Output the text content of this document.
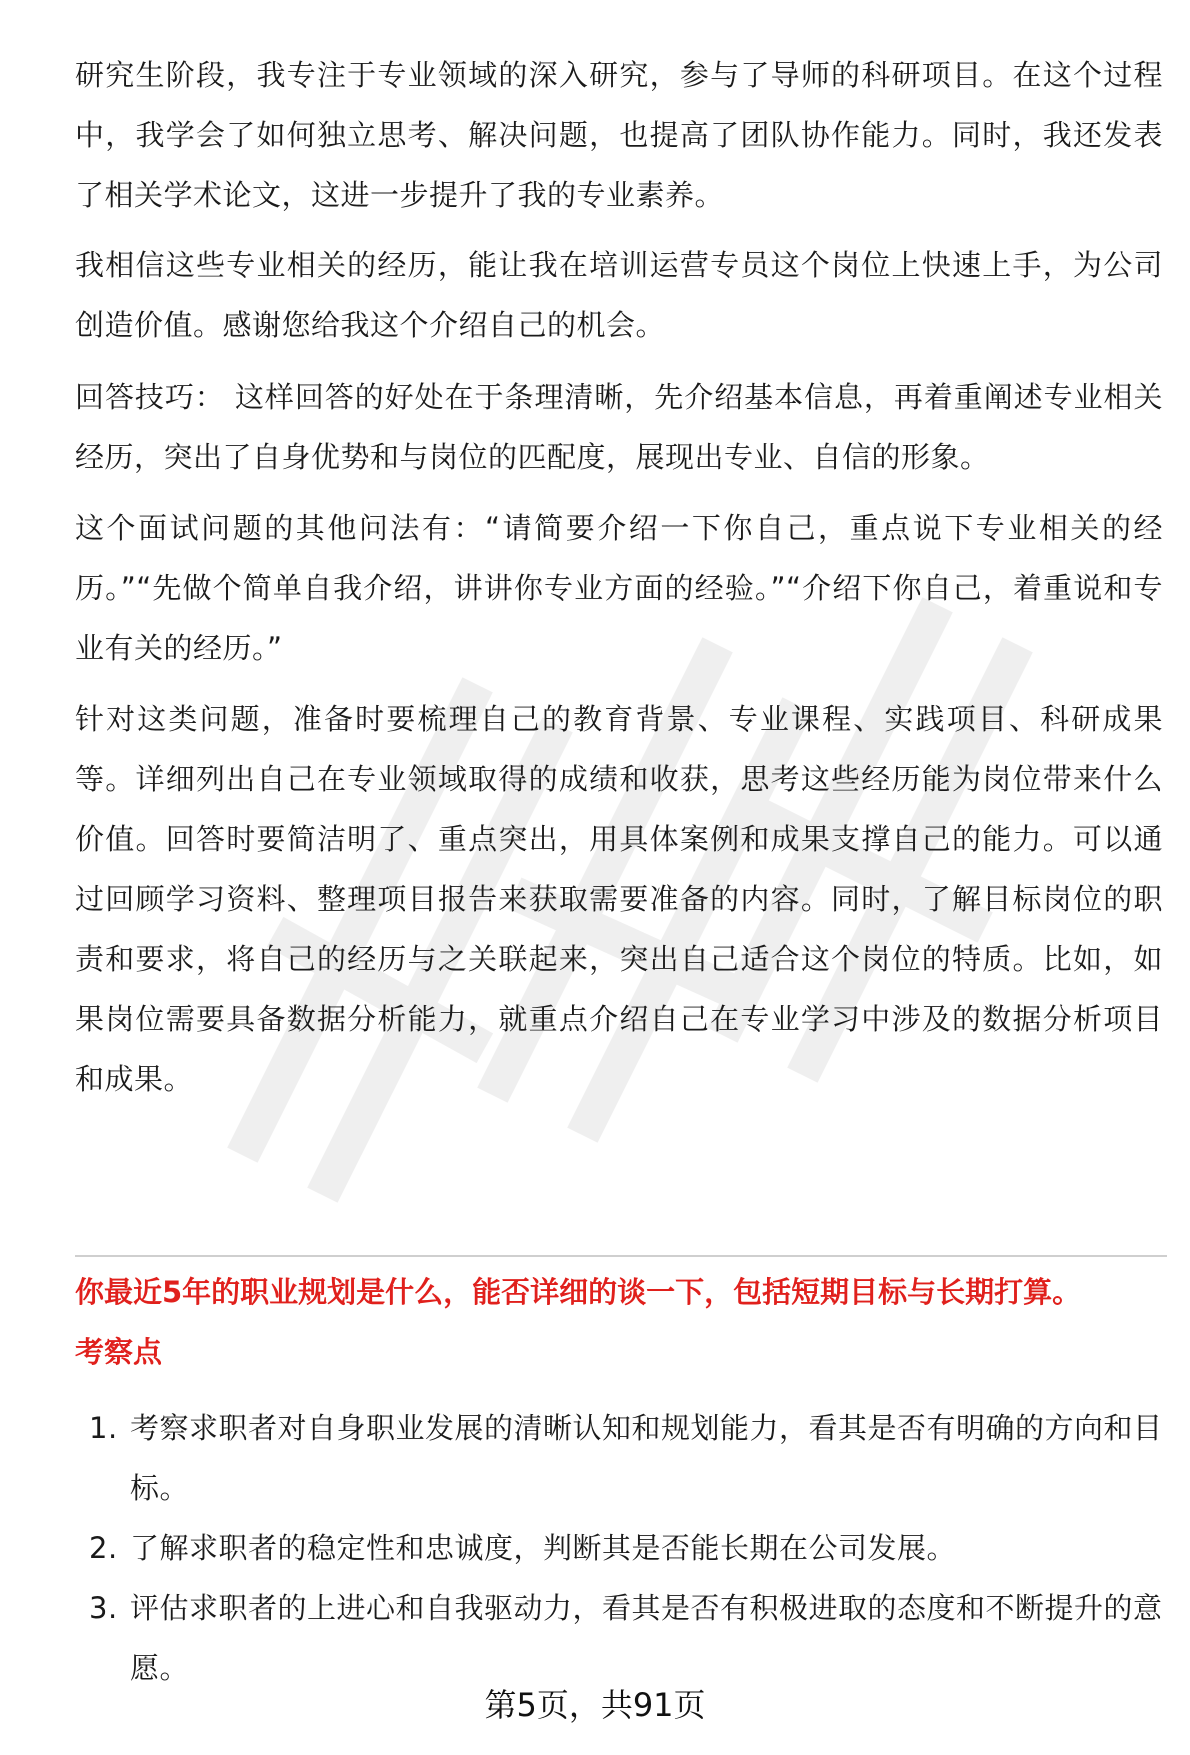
研究生阶段，我专注于专业领域的深入研究，参与了导师的科研项目。在这个过程中，我学会了如何独立思考、解决问题，也提高了团队协作能力。同时，我还发表了相关学术论文，这进一步提升了我的专业素养。

我相信这些专业相关的经历，能让我在培训运营专员这个岗位上快速上手，为公司创造价值。感谢您给我这个介绍自己的机会。

回答技巧： 这样回答的好处在于条理清晰，先介绍基本信息，再着重阐述专业相关经历，突出了自身优势和与岗位的匹配度，展现出专业、自信的形象。

这个面试问题的其他问法有：“请简要介绍一下你自己，重点说下专业相关的经历。”“先做个简单自我介绍，讲讲你专业方面的经验。”“介绍下你自己，着重说和专业有关的经历。”

针对这类问题，准备时要梳理自己的教育背景、专业课程、实践项目、科研成果等。详细列出自己在专业领域取得的成绩和收获，思考这些经历能为岗位带来什么价值。回答时要简洁明了、重点突出，用具体案例和成果支撑自己的能力。可以通过回顾学习资料、整理项目报告来获取需要准备的内容。同时，了解目标岗位的职责和要求，将自己的经历与之关联起来，突出自己适合这个岗位的特质。比如，如果岗位需要具备数据分析能力，就重点介绍自己在专业学习中涉及的数据分析项目和成果。

你最近5年的职业规划是什么，能否详细的谈一下，包括短期目标与长期打算。
考察点
1. 考察求职者对自身职业发展的清晰认知和规划能力，看其是否有明确的方向和目标。
2. 了解求职者的稳定性和忠诚度，判断其是否能长期在公司发展。
3. 评估求职者的上进心和自我驱动力，看其是否有积极进取的态度和不断提升的意愿。
第5页，共91页
